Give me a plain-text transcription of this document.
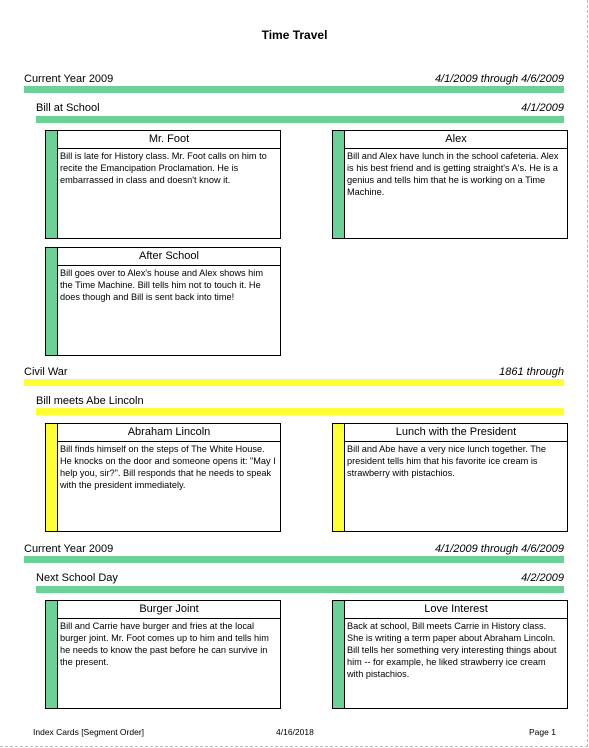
Time Travel
Current Year 2009	4/1/2009 through 4/6/2009
Bill at School	4/1/2009
Mr. Foot
Bill is late for History class. Mr. Foot calls on him to recite the Emancipation Proclamation. He is embarrassed in class and doesn't know it.
Alex
Bill and Alex have lunch in the school cafeteria. Alex is his best friend and is getting straight's A's. He is a genius and tells him that he is working on a Time Machine.
After School
Bill goes over to Alex's house and Alex shows him the Time Machine. Bill tells him not to touch it. He does though and Bill is sent back into time!
Civil War	1861 through
Bill meets Abe Lincoln
Abraham Lincoln
Bill finds himself on the steps of The White House. He knocks on the door and someone opens it: "May I help you, sir?". Bill responds that he needs to speak with the president immediately.
Lunch with the President
Bill and Abe have a very nice lunch together. The president tells him that his favorite ice cream is strawberry with pistachios.
Current Year 2009	4/1/2009 through 4/6/2009
Next School Day	4/2/2009
Burger Joint
Bill and Carrie have burger and fries at the local burger joint. Mr. Foot comes up to him and tells him he needs to know the past before he can survive in the present.
Love Interest
Back at school, Bill meets Carrie in History class. She is writing a term paper about Abraham Lincoln. Bill tells her something very interesting things about him -- for example, he liked strawberry ice cream with pistachios.
Index Cards [Segment Order]	4/16/2018	Page 1
